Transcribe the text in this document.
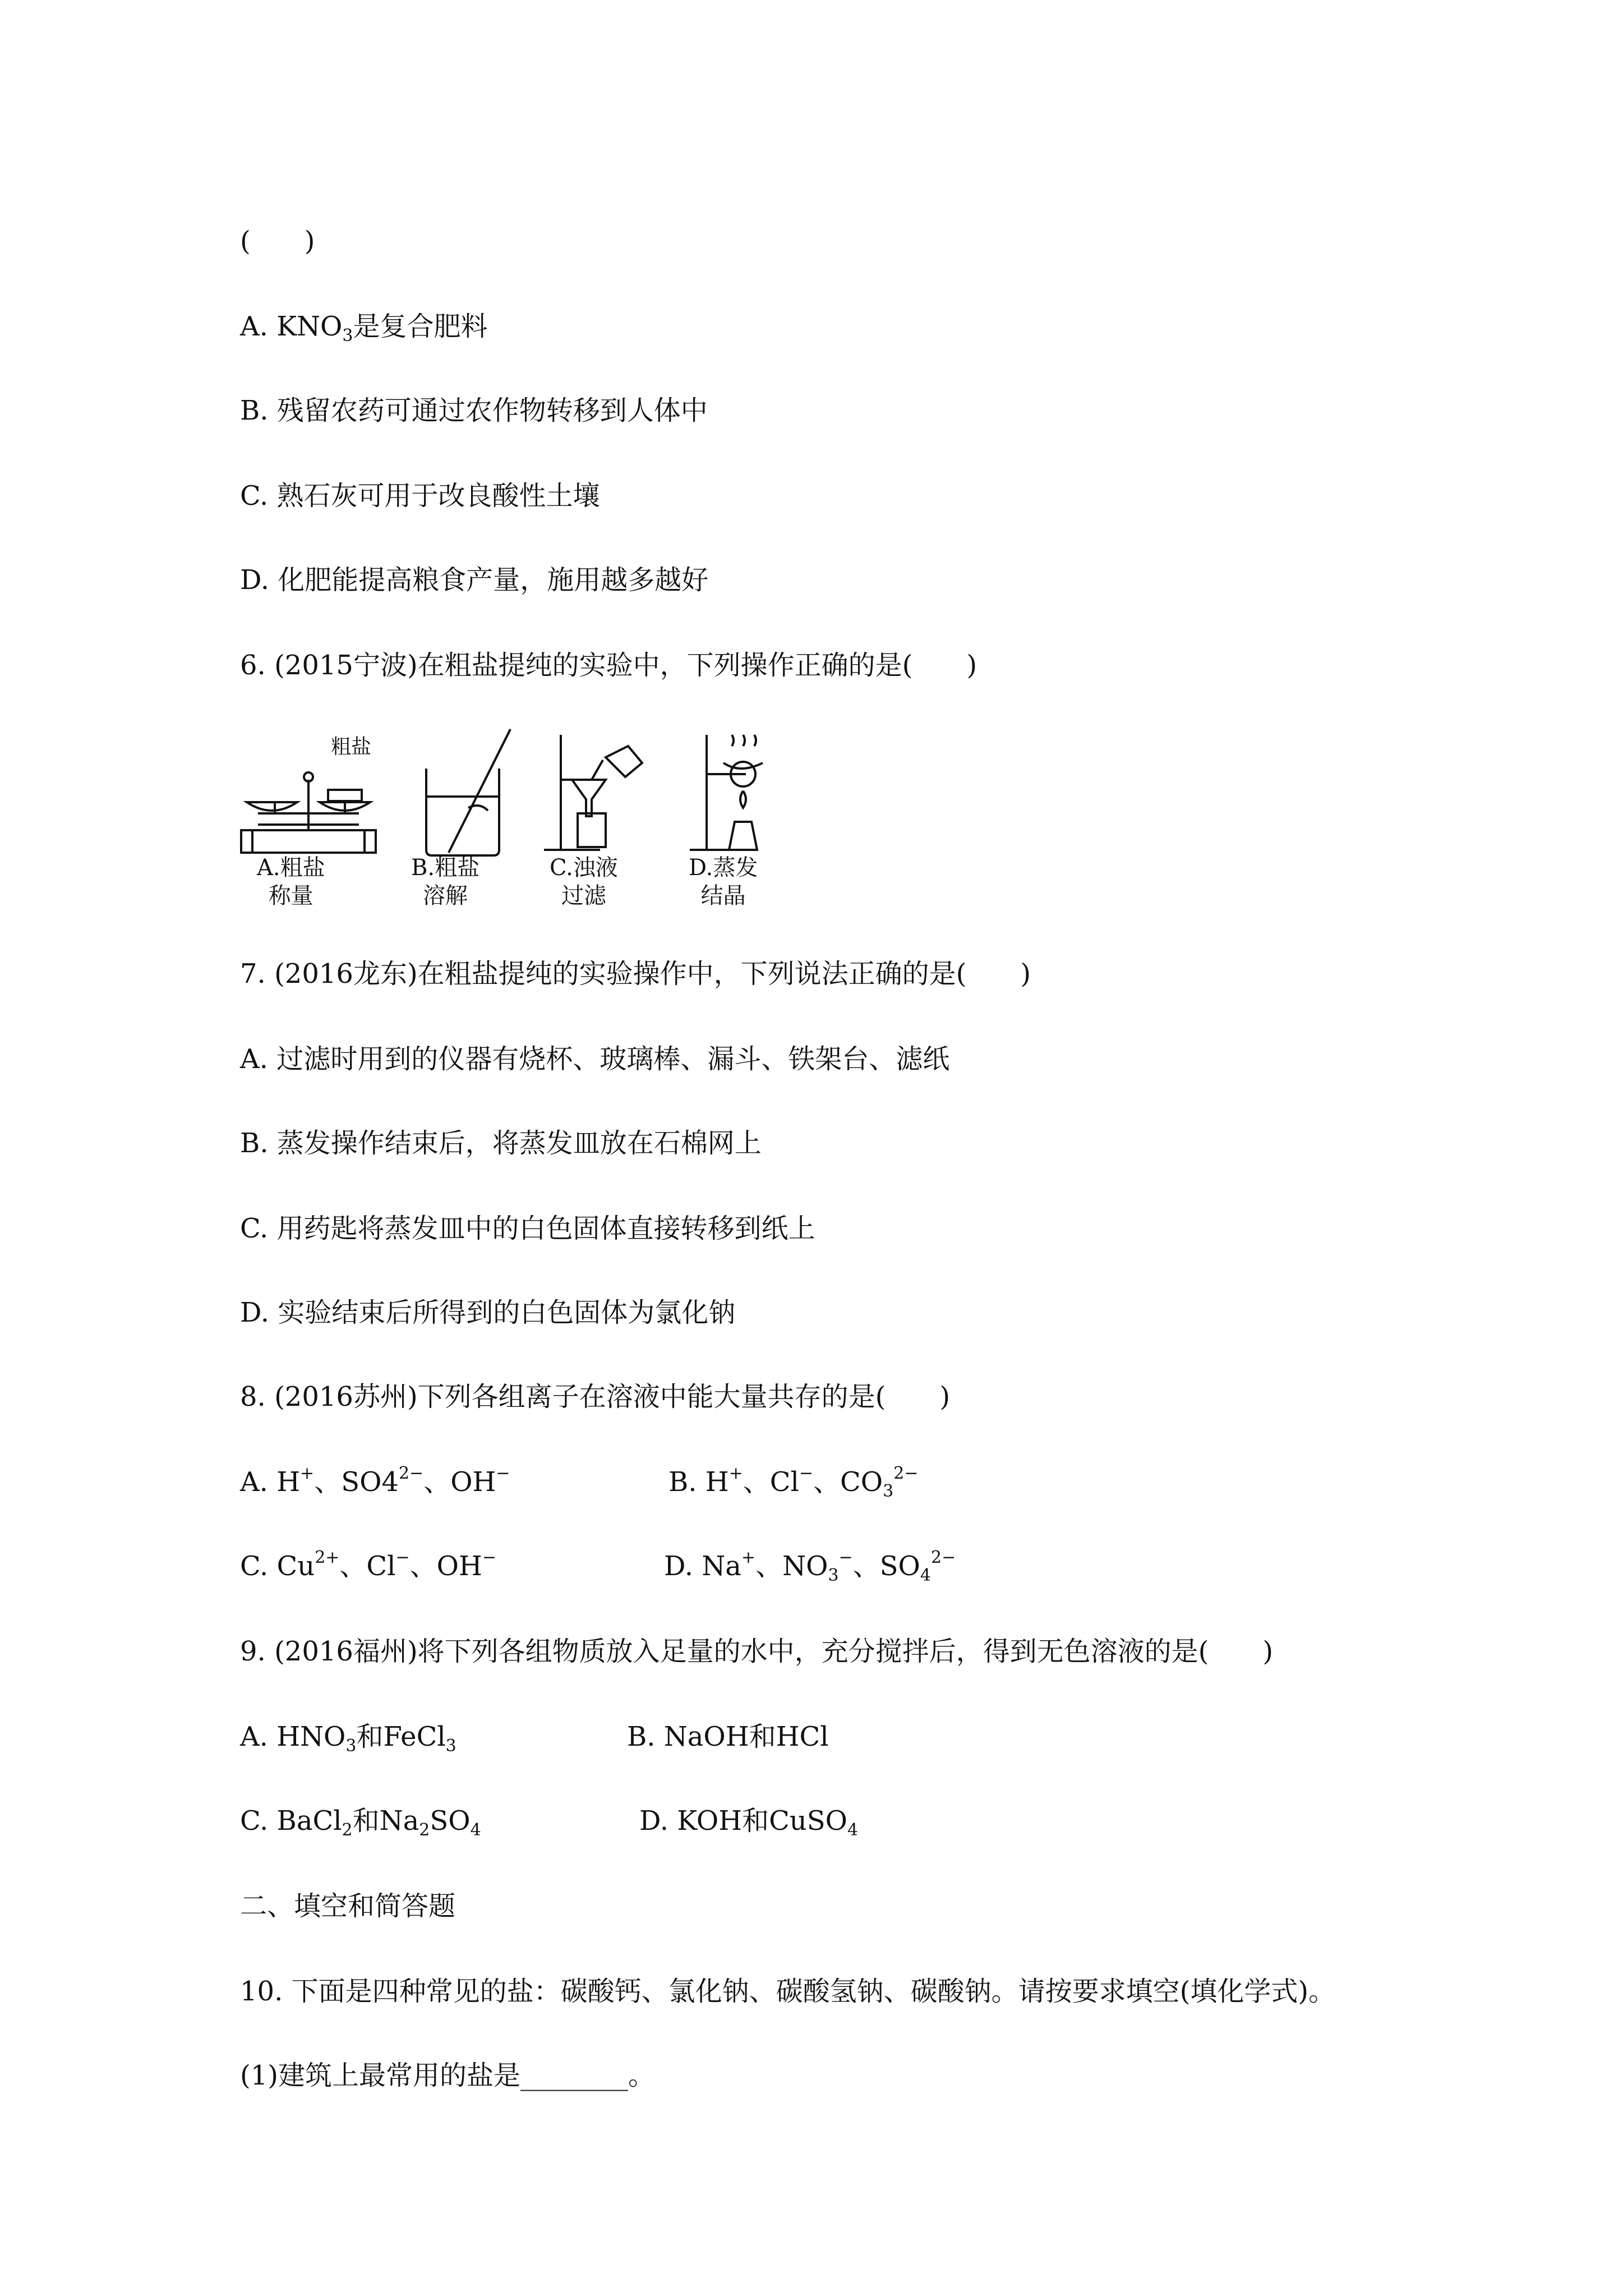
(　　)

A. $KNO_3$是复合肥料

B. 残留农药可通过农作物转移到人体中

C. 熟石灰可用于改良酸性土壤

D. 化肥能提高粮食产量，施用越多越好

6. (2015宁波)在粗盐提纯的实验中，下列操作正确的是(　　)

粗盐
A.粗盐
称量
B.粗盐
溶解
C.浊液
过滤
D.蒸发
结晶

7. (2016龙东)在粗盐提纯的实验操作中，下列说法正确的是(　　)

A. 过滤时用到的仪器有烧杯、玻璃棒、漏斗、铁架台、滤纸

B. 蒸发操作结束后，将蒸发皿放在石棉网上

C. 用药匙将蒸发皿中的白色固体直接转移到纸上

D. 实验结束后所得到的白色固体为氯化钠

8. (2016苏州)下列各组离子在溶液中能大量共存的是(　　)

A. H+、$SO4^{2-}$、OH−	B. H+、Cl−、$CO_3^{2-}$

C. $Cu^{2+}$、Cl−、OH−	D. Na+、$NO_3^-$、$SO_4^{2-}$

9. (2016福州)将下列各组物质放入足量的水中，充分搅拌后，得到无色溶液的是(　　)

A. $HNO_3$和FeCl$_3$	B. NaOH和HCl

C. BaCl$_2$和$Na_2SO_4$	D. KOH和CuSO$_4$

二、填空和简答题

10. 下面是四种常见的盐：碳酸钙、氯化钠、碳酸氢钠、碳酸钠。请按要求填空(填化学式)。

(1)建筑上最常用的盐是________。
